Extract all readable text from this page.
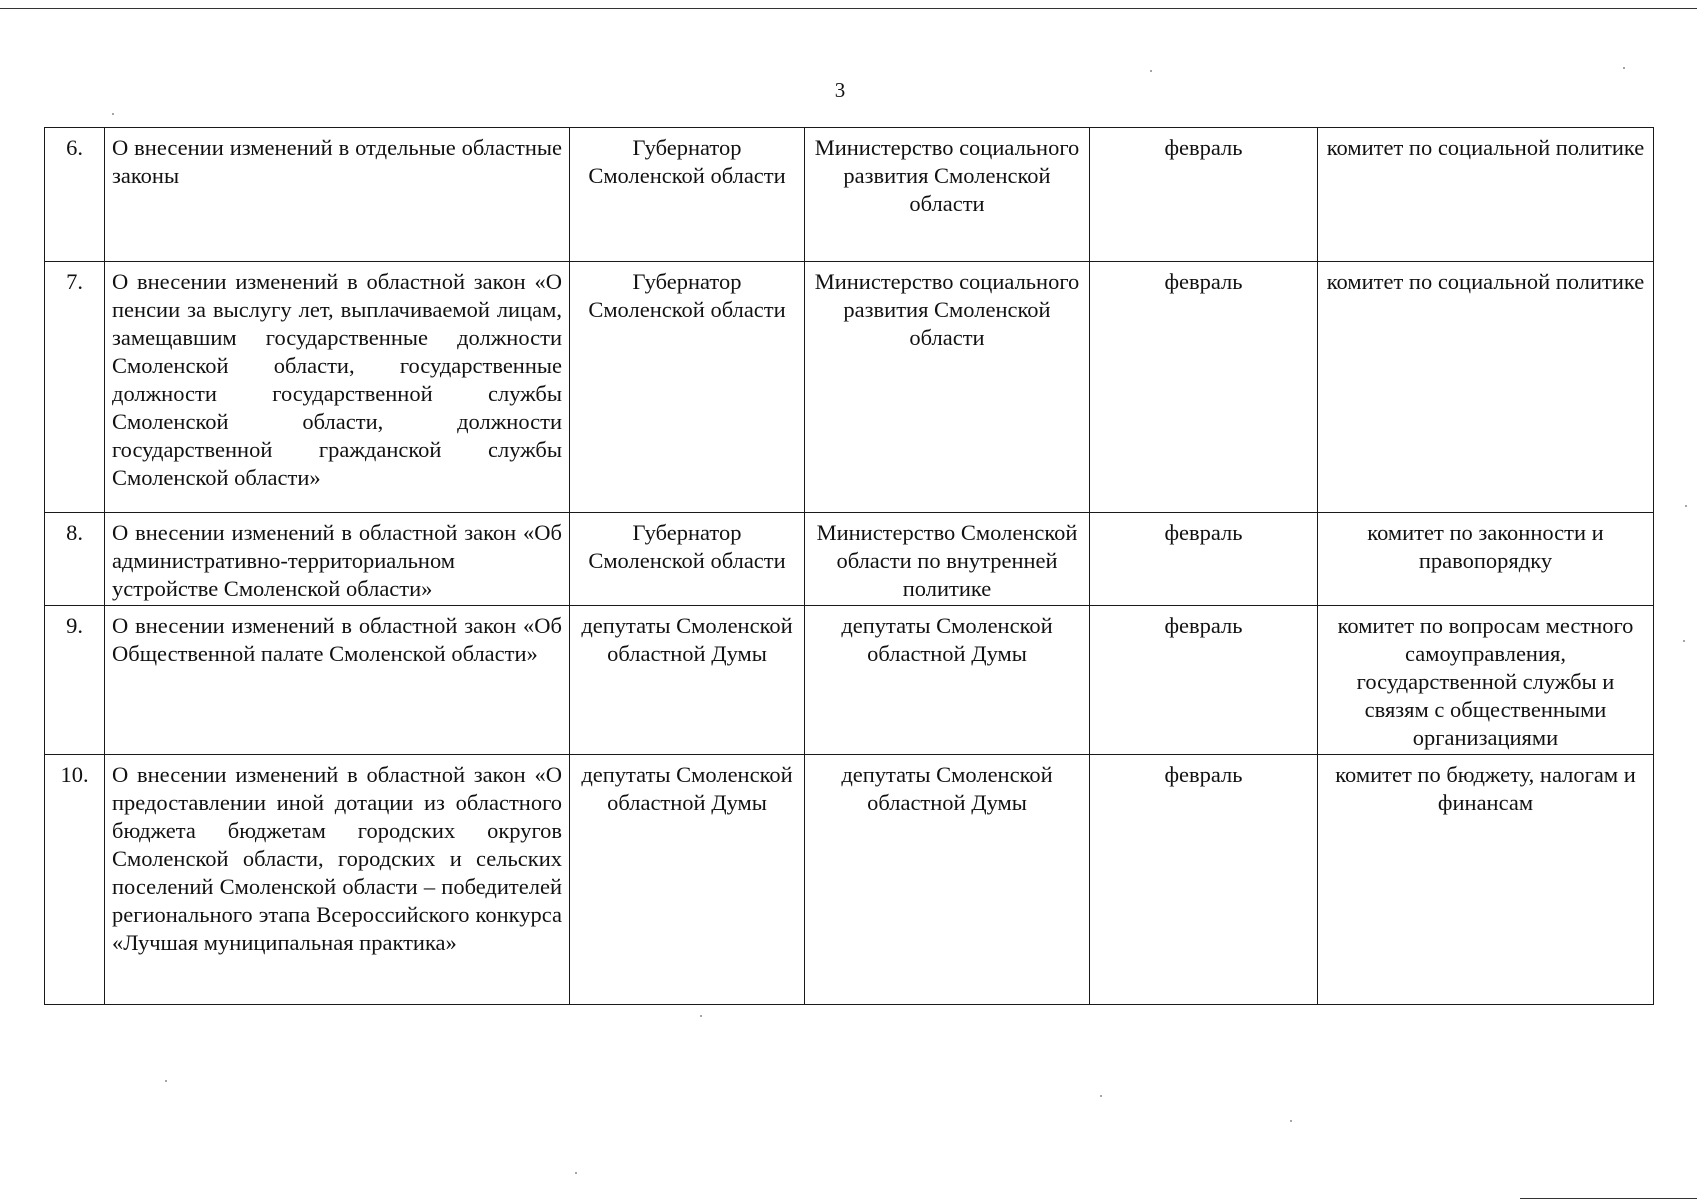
3
6.	О внесении изменений в отдельные областные законы	Губернатор Смоленской области	Министерство социального развития Смоленской области	февраль	комитет по социальной политике
7.	О внесении изменений в областной закон «О пенсии за выслугу лет, выплачиваемой лицам, замещавшим государственные должности Смоленской области, государственные должности государственной службы Смоленской области, должности государственной гражданской службы Смоленской области»	Губернатор Смоленской области	Министерство социального развития Смоленской области	февраль	комитет по социальной политике
8.	О внесении изменений в областной закон «Об административно-территориальном устройстве Смоленской области»	Губернатор Смоленской области	Министерство Смоленской области по внутренней политике	февраль	комитет по законности и правопорядку
9.	О внесении изменений в областной закон «Об Общественной палате Смоленской области»	депутаты Смоленской областной Думы	депутаты Смоленской областной Думы	февраль	комитет по вопросам местного самоуправления, государственной службы и связям с общественными организациями
10.	О внесении изменений в областной закон «О предоставлении иной дотации из областного бюджета бюджетам городских округов Смоленской области, городских и сельских поселений Смоленской области – победителей регионального этапа Всероссийского конкурса «Лучшая муниципальная практика»	депутаты Смоленской областной Думы	депутаты Смоленской областной Думы	февраль	комитет по бюджету, налогам и финансам
